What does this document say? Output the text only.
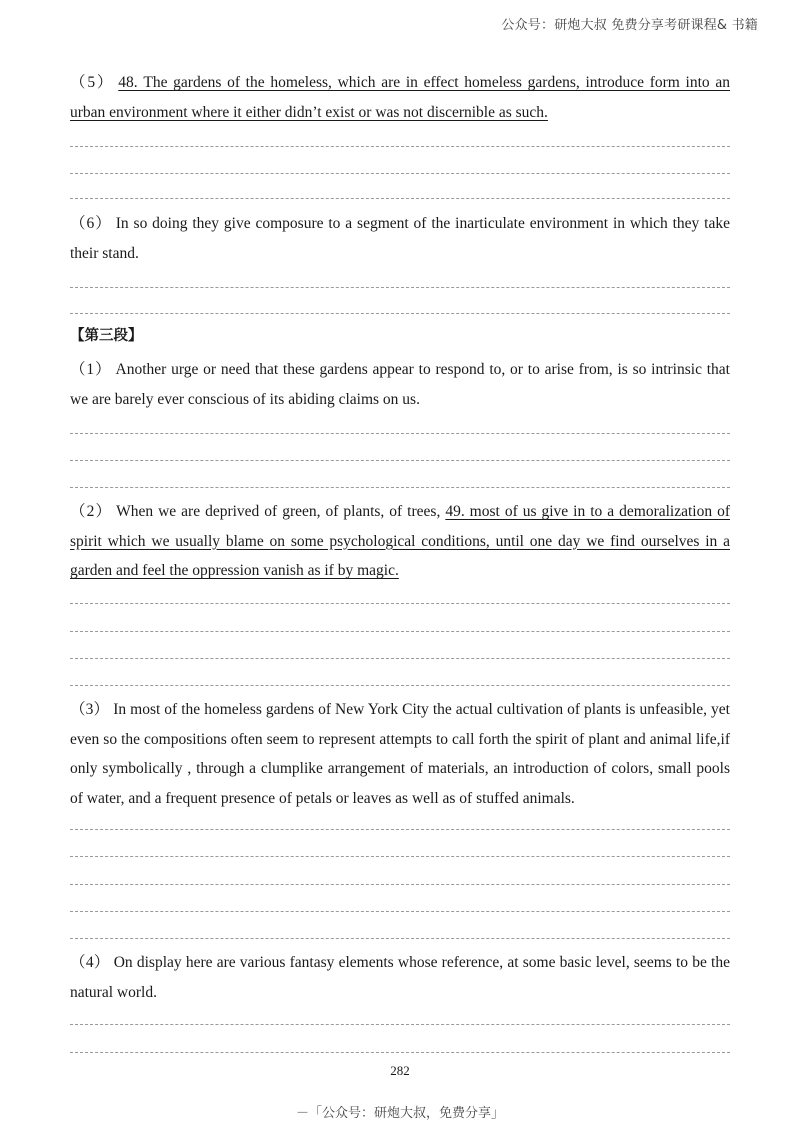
公众号：研炮大叔 免费分享考研课程& 书籍
（5） 48. The gardens of the homeless, which are in effect homeless gardens, introduce form into an urban environment where it either didn’t exist or was not discernible as such.
（6） In so doing they give composure to a segment of the inarticulate environment in which they take their stand.
【第三段】
（1） Another urge or need that these gardens appear to respond to, or to arise from, is so intrinsic that we are barely ever conscious of its abiding claims on us.
（2） When we are deprived of green, of plants, of trees, 49. most of us give in to a demoralization of spirit which we usually blame on some psychological conditions, until one day we find ourselves in a garden and feel the oppression vanish as if by magic.
（3） In most of the homeless gardens of New York City the actual cultivation of plants is unfeasible, yet even so the compositions often seem to represent attempts to call forth the spirit of plant and animal life,if only symbolically , through a clumplike arrangement of materials, an introduction of colors, small pools of water, and a frequent presence of petals or leaves as well as of stuffed animals.
（4） On display here are various fantasy elements whose reference, at some basic level, seems to be the natural world.
282
－「公众号：研炮大叔，免费分享」
